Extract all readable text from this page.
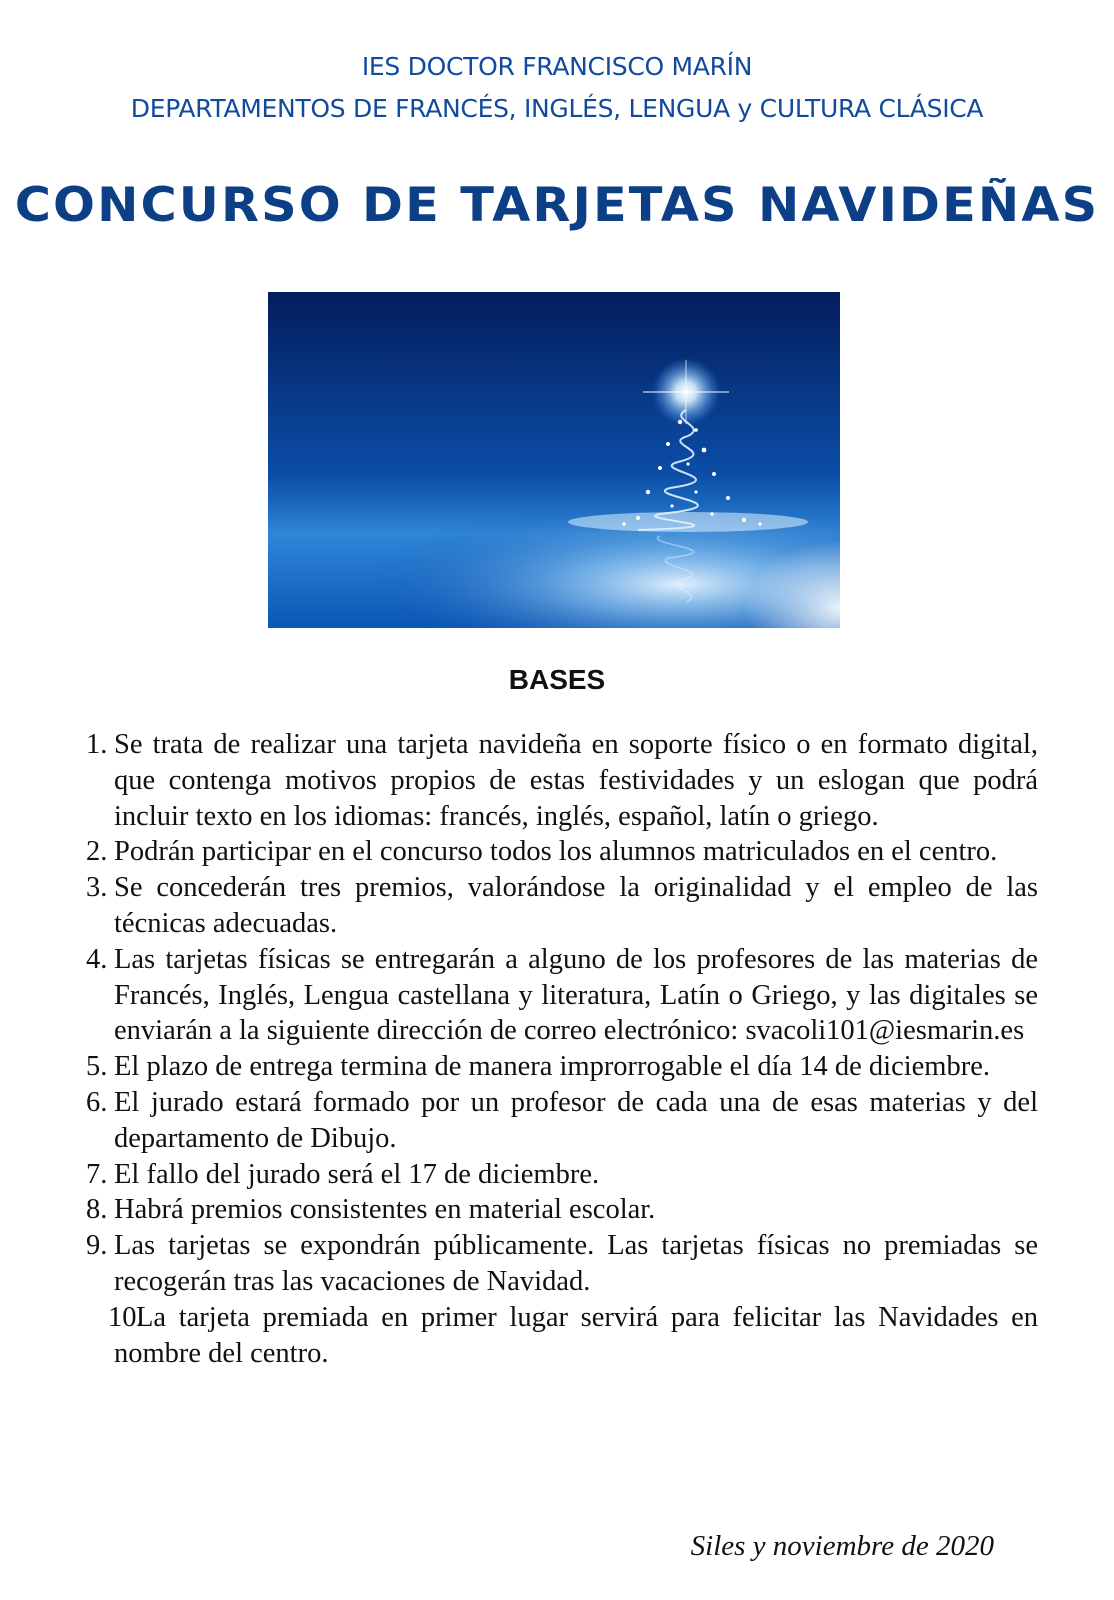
IES DOCTOR FRANCISCO MARÍN
DEPARTAMENTOS DE FRANCÉS, INGLÉS, LENGUA y CULTURA CLÁSICA
CONCURSO DE TARJETAS NAVIDEÑAS
BASES
1. Se trata de realizar una tarjeta navideña en soporte físico o en formato digital, que contenga motivos propios de estas festividades y un eslogan que podrá incluir texto en los idiomas: francés, inglés, español, latín o griego.
2. Podrán participar en el concurso todos los alumnos matriculados en el centro.
3. Se concederán tres premios, valorándose la originalidad y el empleo de las técnicas adecuadas.
4. Las tarjetas físicas se entregarán a alguno de los profesores de las materias de Francés, Inglés, Lengua castellana y literatura, Latín o Griego, y las digitales se enviarán a la siguiente dirección de correo electrónico: svacoli101@iesmarin.es
5. El plazo de entrega termina de manera improrrogable el día 14 de diciembre.
6. El jurado estará formado por un profesor de cada una de esas materias y del departamento de Dibujo.
7. El fallo del jurado será el 17 de diciembre.
8. Habrá premios consistentes en material escolar.
9. Las tarjetas se expondrán públicamente. Las tarjetas físicas no premiadas se recogerán tras las vacaciones de Navidad.
10.
La tarjeta premiada en primer lugar servirá para felicitar las Navidades en nombre del centro.
Siles y noviembre de 2020
